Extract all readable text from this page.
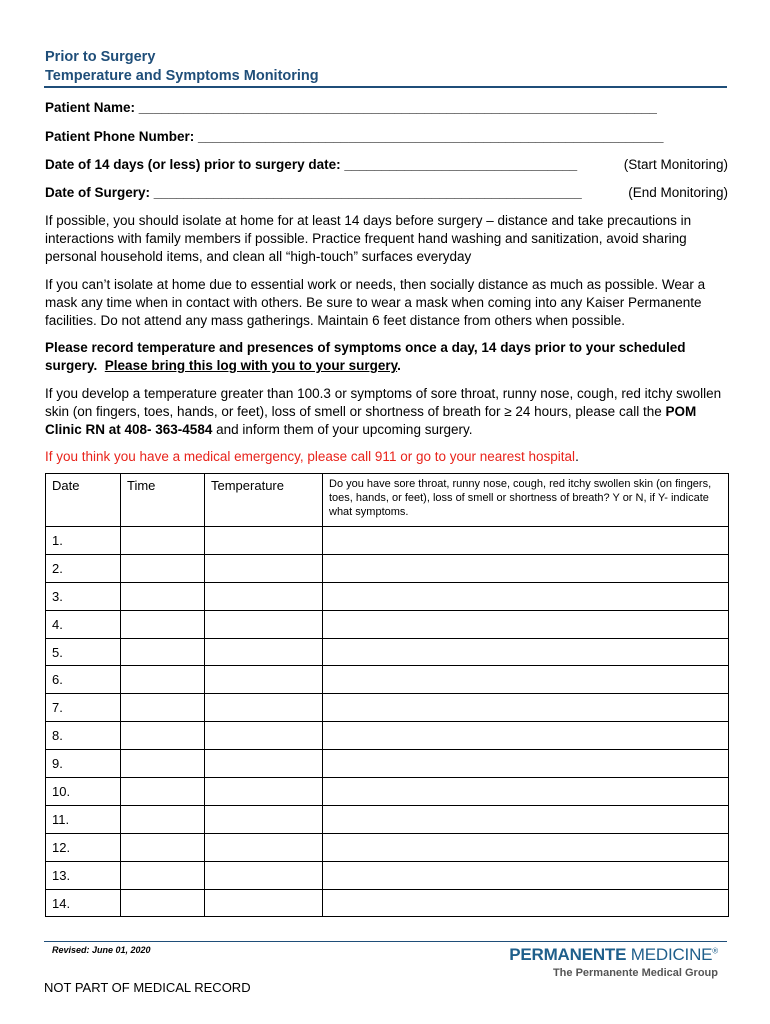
Prior to Surgery
Temperature and Symptoms Monitoring
Patient Name: _____________________________________________________________________
Patient Phone Number: ______________________________________________________________
Date of 14 days (or less) prior to surgery date: _______________________________	(Start Monitoring)
Date of Surgery: _________________________________________________________	(End Monitoring)
If possible, you should isolate at home for at least 14 days before surgery – distance and take precautions in interactions with family members if possible. Practice frequent hand washing and sanitization, avoid sharing personal household items, and clean all “high-touch” surfaces everyday
If you can’t isolate at home due to essential work or needs, then socially distance as much as possible. Wear a mask any time when in contact with others. Be sure to wear a mask when coming into any Kaiser Permanente facilities. Do not attend any mass gatherings. Maintain 6 feet distance from others when possible.
Please record temperature and presences of symptoms once a day, 14 days prior to your scheduled surgery. Please bring this log with you to your surgery.
If you develop a temperature greater than 100.3 or symptoms of sore throat, runny nose, cough, red itchy swollen skin (on fingers, toes, hands, or feet), loss of smell or shortness of breath for ≥ 24 hours, please call the POM Clinic RN at 408- 363-4584 and inform them of your upcoming surgery.
If you think you have a medical emergency, please call 911 or go to your nearest hospital.
Date	Time	Temperature	Do you have sore throat, runny nose, cough, red itchy swollen skin (on fingers, toes, hands, or feet), loss of smell or shortness of breath? Y or N, if Y- indicate what symptoms.
1.			
2.			
3.			
4.			
5.			
6.			
7.			
8.			
9.			
10.			
11.			
12.			
13.			
14.			
Revised: June 01, 2020	PERMANENTE MEDICINE®
The Permanente Medical Group
NOT PART OF MEDICAL RECORD
